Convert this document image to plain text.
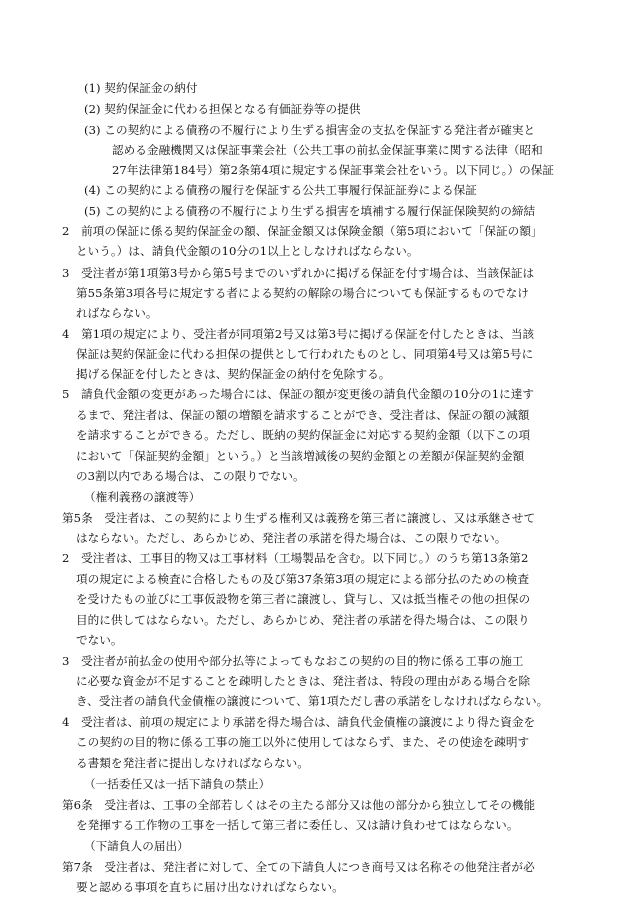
(1) 契約保証金の納付
(2) 契約保証金に代わる担保となる有価証券等の提供
(3) この契約による債務の不履行により生ずる損害金の支払を保証する発注者が確実と
認める金融機関又は保証事業会社（公共工事の前払金保証事業に関する法律（昭和
27年法律第184号）第2条第4項に規定する保証事業会社をいう。以下同じ。）の保証
(4) この契約による債務の履行を保証する公共工事履行保証証券による保証
(5) この契約による債務の不履行により生ずる損害を填補する履行保証保険契約の締結
2　前項の保証に係る契約保証金の額、保証金額又は保険金額（第5項において「保証の額」
という。）は、請負代金額の10分の1以上としなければならない。
3　受注者が第1項第3号から第5号までのいずれかに掲げる保証を付す場合は、当該保証は
第55条第3項各号に規定する者による契約の解除の場合についても保証するものでなけ
ればならない。
4　第1項の規定により、受注者が同項第2号又は第3号に掲げる保証を付したときは、当該
保証は契約保証金に代わる担保の提供として行われたものとし、同項第4号又は第5号に
掲げる保証を付したときは、契約保証金の納付を免除する。
5　請負代金額の変更があった場合には、保証の額が変更後の請負代金額の10分の1に達す
るまで、発注者は、保証の額の増額を請求することができ、受注者は、保証の額の減額
を請求することができる。ただし、既納の契約保証金に対応する契約金額（以下この項
において「保証契約金額」という。）と当該増減後の契約金額との差額が保証契約金額
の3割以内である場合は、この限りでない。
（権利義務の譲渡等）
第5条　受注者は、この契約により生ずる権利又は義務を第三者に譲渡し、又は承継させて
はならない。ただし、あらかじめ、発注者の承諾を得た場合は、この限りでない。
2　受注者は、工事目的物又は工事材料（工場製品を含む。以下同じ。）のうち第13条第2
項の規定による検査に合格したもの及び第37条第3項の規定による部分払のための検査
を受けたもの並びに工事仮設物を第三者に譲渡し、貸与し、又は抵当権その他の担保の
目的に供してはならない。ただし、あらかじめ、発注者の承諾を得た場合は、この限り
でない。
3　受注者が前払金の使用や部分払等によってもなおこの契約の目的物に係る工事の施工
に必要な資金が不足することを疎明したときは、発注者は、特段の理由がある場合を除
き、受注者の請負代金債権の譲渡について、第1項ただし書の承諾をしなければならない。
4　受注者は、前項の規定により承諾を得た場合は、請負代金債権の譲渡により得た資金を
この契約の目的物に係る工事の施工以外に使用してはならず、また、その使途を疎明す
る書類を発注者に提出しなければならない。
（一括委任又は一括下請負の禁止）
第6条　受注者は、工事の全部若しくはその主たる部分又は他の部分から独立してその機能
を発揮する工作物の工事を一括して第三者に委任し、又は請け負わせてはならない。
（下請負人の届出）
第7条　受注者は、発注者に対して、全ての下請負人につき商号又は名称その他発注者が必
要と認める事項を直ちに届け出なければならない。
